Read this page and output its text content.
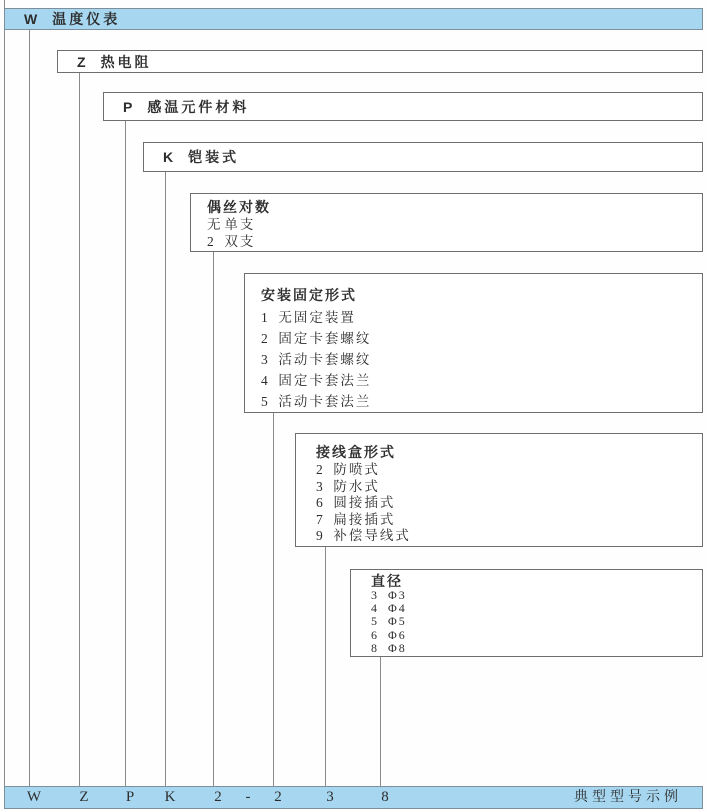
W 温度仪表
Z 热电阻
P 感温元件材料
K 铠装式
偶丝对数
无 单支
2 双支
安装固定形式
1 无固定装置
2 固定卡套螺纹
3 活动卡套螺纹
4 固定卡套法兰
5 活动卡套法兰
接线盒形式
2 防喷式
3 防水式
6 圆接插式
7 扁接插式
9 补偿导线式
直径
3 Φ3
4 Φ4
5 Φ5
6 Φ6
8 Φ8
W	Z P K	2 - 2	3	8	典型型号示例
